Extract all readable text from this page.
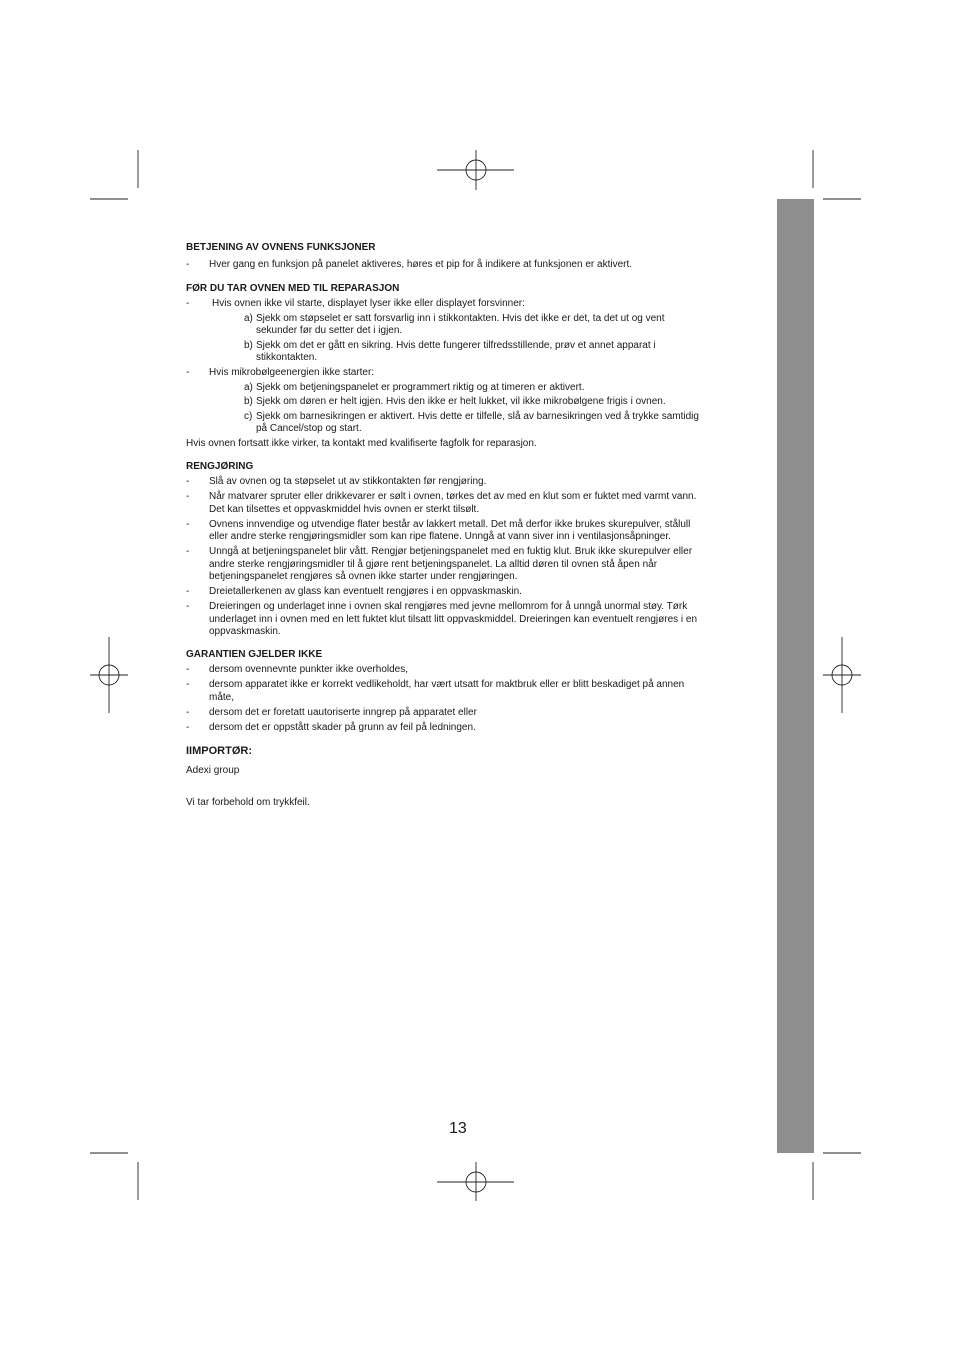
BETJENING AV OVNENS FUNKSJONER
-	Hver gang en funksjon på panelet aktiveres, høres et pip for å indikere at funksjonen er aktivert.
FØR DU TAR OVNEN MED TIL REPARASJON
-	Hvis ovnen ikke vil starte, displayet lyser ikke eller displayet forsvinner:
a) Sjekk om støpselet er satt forsvarlig inn i stikkontakten. Hvis det ikke er det, ta det ut og vent
sekunder før du setter det i igjen.
b) Sjekk om det er gått en sikring. Hvis dette fungerer tilfredsstillende, prøv et annet apparat i
stikkontakten.
-	Hvis mikrobølgeenergien ikke starter:
a) Sjekk om betjeningspanelet er programmert riktig og at timeren er aktivert.
b) Sjekk om døren er helt igjen. Hvis den ikke er helt lukket, vil ikke mikrobølgene frigis i ovnen.
c) Sjekk om barnesikringen er aktivert. Hvis dette er tilfelle, slå av barnesikringen ved å trykke samtidig
på Cancel/stop og start.
Hvis ovnen fortsatt ikke virker, ta kontakt med kvalifiserte fagfolk for reparasjon.
RENGJØRING
-	Slå av ovnen og ta støpselet ut av stikkontakten før rengjøring.
-	Når matvarer spruter eller drikkevarer er sølt i ovnen, tørkes det av med en klut som er fuktet med varmt vann.
Det kan tilsettes et oppvaskmiddel hvis ovnen er sterkt tilsølt.
-	Ovnens innvendige og utvendige flater består av lakkert metall. Det må derfor ikke brukes skurepulver, stålull
eller andre sterke rengjøringsmidler som kan ripe flatene. Unngå at vann siver inn i ventilasjonsåpninger.
-	Unngå at betjeningspanelet blir vått. Rengjør betjeningspanelet med en fuktig klut. Bruk ikke skurepulver eller
andre sterke rengjøringsmidler til å gjøre rent betjeningspanelet. La alltid døren til ovnen stå åpen når
betjeningspanelet rengjøres så ovnen ikke starter under rengjøringen.
-	Dreietallerkenen av glass kan eventuelt rengjøres i en oppvaskmaskin.
-	Dreieringen og underlaget inne i ovnen skal rengjøres med jevne mellomrom for å unngå unormal støy. Tørk
underlaget inn i ovnen med en lett fuktet klut tilsatt litt oppvaskmiddel. Dreieringen kan eventuelt rengjøres i en
oppvaskmaskin.
GARANTIEN GJELDER IKKE
-	dersom ovennevnte punkter ikke overholdes,
-	dersom apparatet ikke er korrekt vedlikeholdt, har vært utsatt for maktbruk eller er blitt beskadiget på annen
måte,
-	dersom det er foretatt uautoriserte inngrep på apparatet eller
-	dersom det er oppstått skader på grunn av feil på ledningen.
IIMPORTØR:
Adexi group
Vi tar forbehold om trykkfeil.
13
